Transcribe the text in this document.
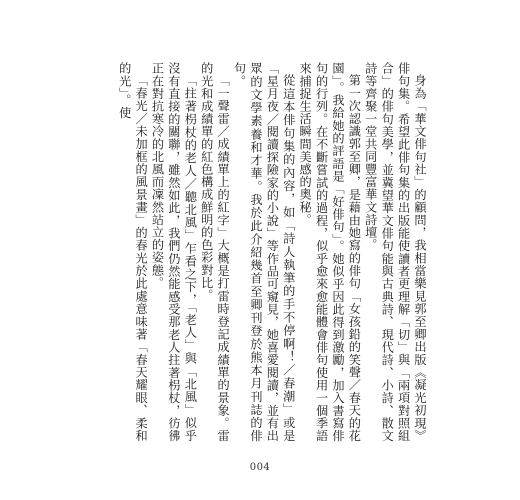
身為「華文俳句社」的顧問，我相當樂見郭至卿出版《凝光初現》俳句集。希望此俳句集的出版能使讀者更理解「切」與「兩項對照組合」的俳句美學，並冀望華文俳句能與古典詩、現代詩、小詩、散文詩等齊聚一堂共同豐富華文詩壇。

第一次認識郭至卿，是藉由她寫的俳句「女孩鉛的笑聲／春天的花園」。我給她的評語是「好俳句」。她似乎因此得到激勵，加入書寫俳句的行列。在不斷嘗試的過程，似乎愈來愈能體會俳句使用一個季語來捕捉生活瞬間美感的奧秘。

從這本俳句集的內容，如「詩人執筆的手不停啊！／春潮」或是「星月夜／閱讀探險家的小說」等作品可窺見，她喜愛閱讀，並有出眾的文學素養和才華。我於此介紹幾首至卿刊登於熊本月刊誌的俳句。

「一聲雷／成績單上的紅字」大概是打雷時登記成績單的景象。雷的光和成績單的紅色構成鮮明的色彩對比。

「拄著枴杖的老人／聽北風」乍看之下，「老人」與「北風」似乎沒有直接的關聯，雖然如此，我們仍然能感受那老人拄著枴杖，彷彿正在對抗寒冷的北風而凜然站立的姿態。

「春光／未加框的風景畫」的春光於此處意味著「春天耀眼、柔和的光」。使

004
